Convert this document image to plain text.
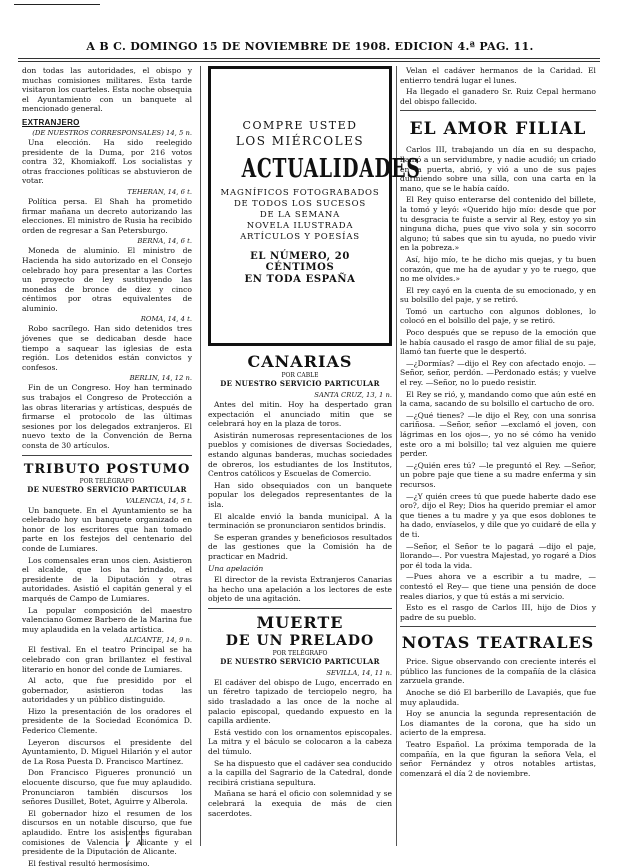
A B C. DOMINGO 15 DE NOVIEMBRE DE 1908. EDICION 4.ª PAG. 11.

don todas las autoridades, el obispo y muchas comisiones militares. Esta tarde visitaron los cuarteles. Esta noche obsequia el Ayuntamiento con un banquete al mencionado general.

EXTRANJERO

(DE NUESTROS CORRESPONSALES) 14, 5 n.

Una elección. Ha sido reelegido presidente de la Duma, por 216 votos contra 32, Khomiakoff. Los socialistas y otras fracciones políticas se abstuvieron de votar.

TEHERAN, 14, 6 t.

Política persa. El Shah ha prometido firmar mañana un decreto autorizando las elecciones. El ministro de Rusia ha recibido orden de regresar a San Petersburgo.

BERNA, 14, 6 t.

Moneda de aluminio. El ministro de Hacienda ha sido autorizado en el Consejo celebrado hoy para presentar a las Cortes un proyecto de ley sustituyendo las monedas de bronce de diez y cinco céntimos por otras equivalentes de aluminio.

ROMA, 14, 4 t.

Robo sacrílego. Han sido detenidos tres jóvenes que se dedicaban desde hace tiempo a saquear las iglesias de esta región. Los detenidos están convictos y confesos.

BERLIN, 14, 12 n.

Fin de un Congreso. Hoy han terminado sus trabajos el Congreso de Protección a las obras literarias y artísticas, después de firmarse el protocolo de las últimas sesiones por los delegados extranjeros. El nuevo texto de la Convención de Berna consta de 30 artículos.

TRIBUTO POSTUMO

POR TELÉGRAFO

DE NUESTRO SERVICIO PARTICULAR

VALENCIA, 14, 5 t.

Un banquete. En el Ayuntamiento se ha celebrado hoy un banquete organizado en honor de los escritores que han tomado parte en los festejos del centenario del conde de Lumiares.

Los comensales eran unos cien. Asistieron el alcalde, que los ha brindado, el presidente de la Diputación y otras autoridades. Asistió el capitán general y el marqués de Campo de Lumiares.

La popular composición del maestro valenciano Gomez Barbero de la Marina fue muy aplaudida en la velada artística.

ALICANTE, 14, 9 n.

El festival. En el teatro Principal se ha celebrado con gran brillantez el festival literario en honor del conde de Lumiares.

Al acto, que fue presidido por el gobernador, asistieron todas las autoridades y un público distinguido.

Hizo la presentación de los oradores el presidente de la Sociedad Económica D. Federico Clemente.

Leyeron discursos el presidente del Ayuntamiento, D. Miguel Hilarión y el autor de La Rosa Puesta D. Francisco Martínez.

Don Francisco Figueres pronunció un elocuente discurso, que fue muy aplaudido. Pronunciaron también discursos los señores Dusillet, Botet, Aguirre y Alberola.

El gobernador hizo el resumen de los discursos en un notable discurso, que fue aplaudido. Entre los asistentes figuraban comisiones de Valencia y Alicante y el presidente de la Diputación de Alicante.

El festival resultó hermosísimo.

COMPRE USTED
LOS MIÉRCOLES
ACTUALIDADES
MAGNÍFICOS FOTOGRABADOS
DE TODOS LOS SUCESOS
DE LA SEMANA
NOVELA ILUSTRADA
ARTÍCULOS Y POESÍAS
EL NÚMERO, 20 CÉNTIMOS
EN TODA ESPAÑA
CANARIAS

POR CABLE

DE NUESTRO SERVICIO PARTICULAR

SANTA CRUZ, 13, 1 n.

Antes del mitin. Hoy ha despertado gran expectación el anunciado mitin que se celebrará hoy en la plaza de toros.

Asistirán numerosas representaciones de los pueblos y comisiones de diversas Sociedades, estando algunas banderas, muchas sociedades de obreros, los estudiantes de los Institutos, Centros católicos y Escuelas de Comercio.

Han sido obsequiados con un banquete popular los delegados representantes de la isla.

El alcalde envió la banda municipal. A la terminación se pronunciaron sentidos brindis.

Se esperan grandes y beneficiosos resultados de las gestiones que la Comisión ha de practicar en Madrid.

Una apelación

El director de la revista Extranjeros Canarias ha hecho una apelación a los lectores de este objeto de una agitación.

MUERTE
DE UN PRELADO

POR TELÉGRAFO

DE NUESTRO SERVICIO PARTICULAR

SEVILLA, 14, 11 n.

El cadáver del obispo de Lugo, encerrado en un féretro tapizado de terciopelo negro, ha sido trasladado a las once de la noche al palacio episcopal, quedando expuesto en la capilla ardiente.

Está vestido con los ornamentos episcopales. La mitra y el báculo se colocaron a la cabeza del túmulo.

Se ha dispuesto que el cadáver sea conducido a la capilla del Sagrario de la Catedral, donde recibirá cristiana sepultura.

Mañana se hará el oficio con solemnidad y se celebrará la exequia de más de cien sacerdotes.

Velan el cadáver hermanos de la Caridad. El entierro tendrá lugar el lunes.

Ha llegado el ganadero Sr. Ruiz Cepal hermano del obispo fallecido.

EL AMOR FILIAL

Carlos III, trabajando un día en su despacho, llamó a un servidumbre, y nadie acudió; un criado en la puerta, abrió, y vió a uno de sus pajes durmiendo sobre una silla, con una carta en la mano, que se le había caído.

El Rey quiso enterarse del contenido del billete, la tomó y leyó: «Querido hijo mío: desde que por tu desgracia te fuiste a servir al Rey, estoy yo sin ninguna dicha, pues que vivo sola y sin socorro alguno; tú sabes que sin tu ayuda, no puedo vivir en la pobreza.»

Así, hijo mío, te he dicho mis quejas, y tu buen corazón, que me ha de ayudar y yo te ruego, que no me olvides.»

El rey cayó en la cuenta de su emocionado, y en su bolsillo del paje, y se retiró.

Tomó un cartucho con algunos doblones, lo colocó en el bolsillo del paje, y se retiró.

Poco después que se repuso de la emoción que le había causado el rasgo de amor filial de su paje, llamó tan fuerte que le despertó.

—¿Dormías? —dijo el Rey con afectado enojo. —Señor, señor, perdón. —Perdonado estás; y vuelve el rey. —Señor, no lo puedo resistir.

El Rey se rió, y, mandando como que aún esté en la cama, sacando de su bolsillo el cartucho de oro.

—¿Qué tienes? —le dijo el Rey, con una sonrisa cariñosa. —Señor, señor —exclamó el joven, con lágrimas en los ojos—, yo no sé cómo ha venido este oro a mi bolsillo; tal vez alguien me quiere perder.

—¿Quién eres tú? —le preguntó el Rey. —Señor, un pobre paje que tiene a su madre enferma y sin recursos.

—¿Y quién crees tú que puede haberte dado ese oro?, dijo el Rey; Dios ha querido premiar el amor que tienes a tu madre y ya que esos doblones te ha dado, envíaselos, y dile que yo cuidaré de ella y de ti.

—Señor, el Señor te lo pagará —dijo el paje, llorando—. Por vuestra Majestad, yo rogaré a Dios por él toda la vida.

—Pues ahora ve a escribir a tu madre, —contestó el Rey— que tiene una pensión de doce reales diarios, y que tú estás a mi servicio.

Esto es el rasgo de Carlos III, hijo de Dios y padre de su pueblo.

NOTAS TEATRALES

Price. Sigue observando con creciente interés el público las funciones de la compañía de la clásica zarzuela grande.

Anoche se dió El barberillo de Lavapiés, que fue muy aplaudida.

Hoy se anuncia la segunda representación de Los diamantes de la corona, que ha sido un acierto de la empresa.

Teatro Español. La próxima temporada de la compañía, en la que figuran la señora Vela, el señor Fernández y otros notables artistas, comenzará el día 2 de noviembre.
